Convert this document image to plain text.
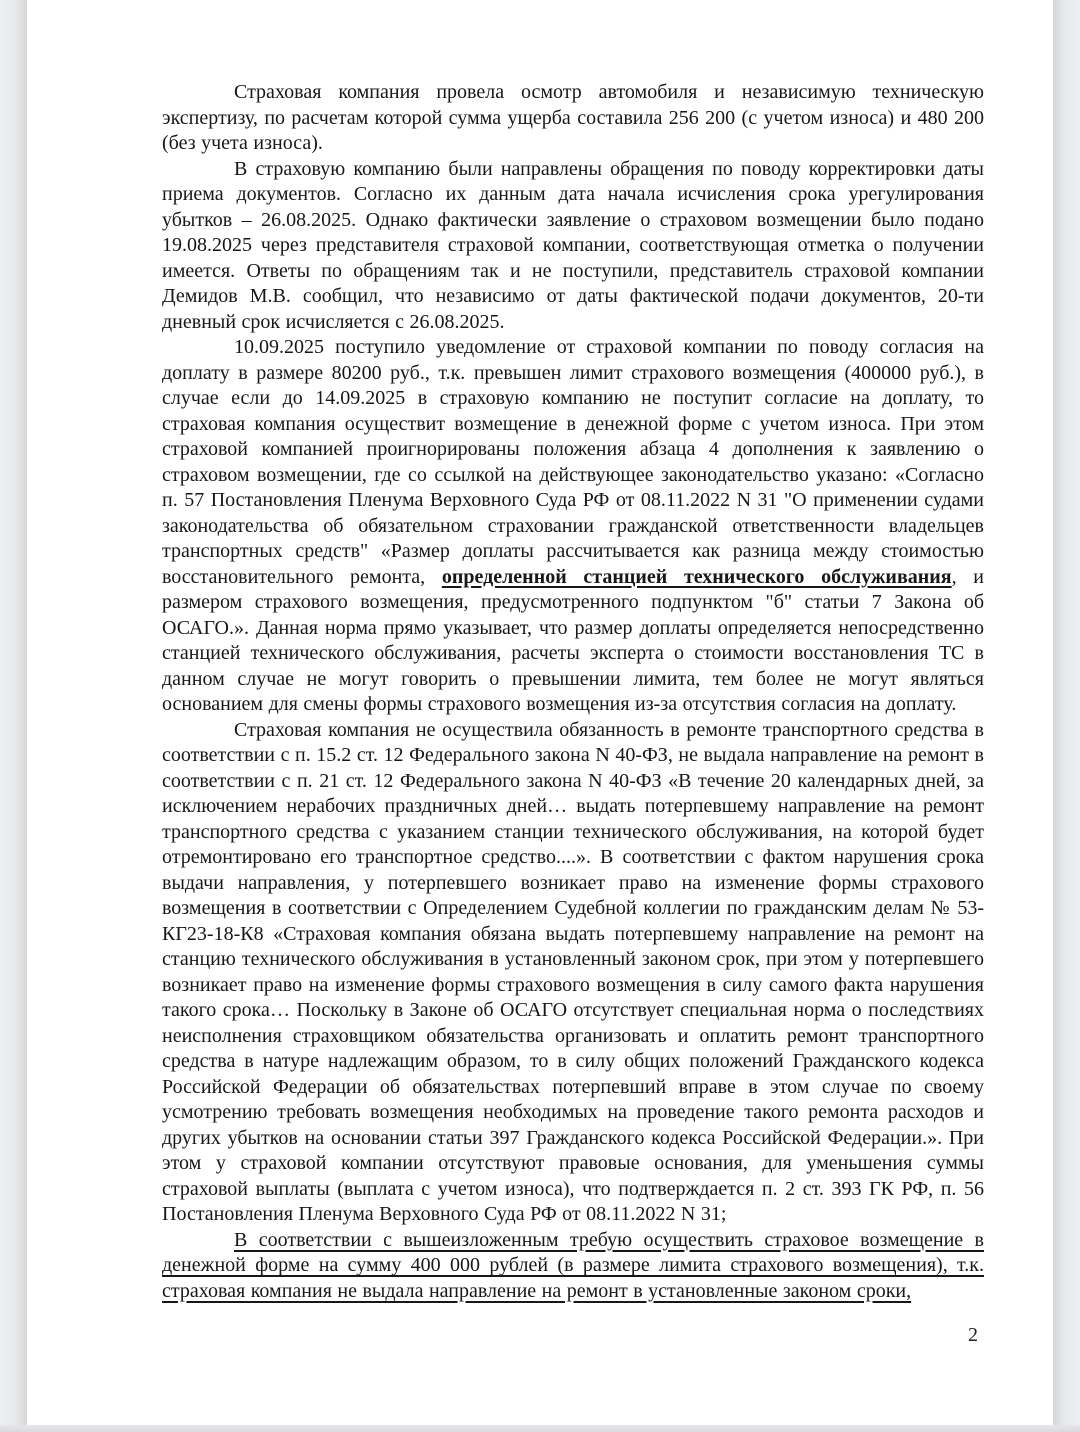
Страховая компания провела осмотр автомобиля и независимую техническую экспертизу, по расчетам которой сумма ущерба составила 256 200 (с учетом износа) и 480 200 (без учета износа).

В страховую компанию были направлены обращения по поводу корректировки даты приема документов. Согласно их данным дата начала исчисления срока урегулирования убытков – 26.08.2025. Однако фактически заявление о страховом возмещении было подано 19.08.2025 через представителя страховой компании, соответствующая отметка о получении имеется. Ответы по обращениям так и не поступили, представитель страховой компании Демидов М.В. сообщил, что независимо от даты фактической подачи документов, 20-ти дневный срок исчисляется с 26.08.2025.

10.09.2025 поступило уведомление от страховой компании по поводу согласия на доплату в размере 80200 руб., т.к. превышен лимит страхового возмещения (400000 руб.), в случае если до 14.09.2025 в страховую компанию не поступит согласие на доплату, то страховая компания осуществит возмещение в денежной форме с учетом износа. При этом страховой компанией проигнорированы положения абзаца 4 дополнения к заявлению о страховом возмещении, где со ссылкой на действующее законодательство указано: «Согласно п. 57 Постановления Пленума Верховного Суда РФ от 08.11.2022 N 31 "О применении судами законодательства об обязательном страховании гражданской ответственности владельцев транспортных средств" «Размер доплаты рассчитывается как разница между стоимостью восстановительного ремонта, определенной станцией технического обслуживания, и размером страхового возмещения, предусмотренного подпунктом "б" статьи 7 Закона об ОСАГО.». Данная норма прямо указывает, что размер доплаты определяется непосредственно станцией технического обслуживания, расчеты эксперта о стоимости восстановления ТС в данном случае не могут говорить о превышении лимита, тем более не могут являться основанием для смены формы страхового возмещения из-за отсутствия согласия на доплату.

Страховая компания не осуществила обязанность в ремонте транспортного средства в соответствии с п. 15.2 ст. 12 Федерального закона N 40-ФЗ, не выдала направление на ремонт в соответствии с п. 21 ст. 12 Федерального закона N 40-ФЗ «В течение 20 календарных дней, за исключением нерабочих праздничных дней… выдать потерпевшему направление на ремонт транспортного средства с указанием станции технического обслуживания, на которой будет отремонтировано его транспортное средство....». В соответствии с фактом нарушения срока выдачи направления, у потерпевшего возникает право на изменение формы страхового возмещения в соответствии с Определением Судебной коллегии по гражданским делам № 53-КГ23-18-К8 «Страховая компания обязана выдать потерпевшему направление на ремонт на станцию технического обслуживания в установленный законом срок, при этом у потерпевшего возникает право на изменение формы страхового возмещения в силу самого факта нарушения такого срока… Поскольку в Законе об ОСАГО отсутствует специальная норма о последствиях неисполнения страховщиком обязательства организовать и оплатить ремонт транспортного средства в натуре надлежащим образом, то в силу общих положений Гражданского кодекса Российской Федерации об обязательствах потерпевший вправе в этом случае по своему усмотрению требовать возмещения необходимых на проведение такого ремонта расходов и других убытков на основании статьи 397 Гражданского кодекса Российской Федерации.». При этом у страховой компании отсутствуют правовые основания, для уменьшения суммы страховой выплаты (выплата с учетом износа), что подтверждается п. 2 ст. 393 ГК РФ, п. 56 Постановления Пленума Верховного Суда РФ от 08.11.2022 N 31;

В соответствии с вышеизложенным требую осуществить страховое возмещение в денежной форме на сумму 400 000 рублей (в размере лимита страхового возмещения), т.к. страховая компания не выдала направление на ремонт в установленные законом сроки,

2
